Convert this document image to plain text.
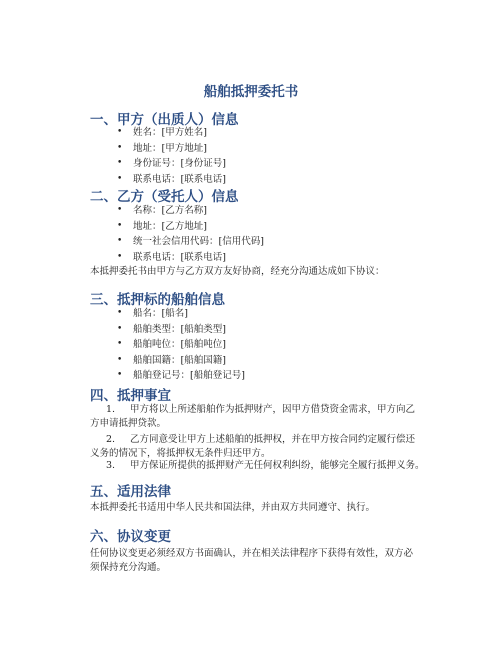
船舶抵押委托书
一、甲方（出质人）信息
• 姓名：[甲方姓名]
• 地址：[甲方地址]
• 身份证号：[身份证号]
• 联系电话：[联系电话]
二、乙方（受托人）信息
• 名称：[乙方名称]
• 地址：[乙方地址]
• 统一社会信用代码：[信用代码]
• 联系电话：[联系电话]

本抵押委托书由甲方与乙方双方友好协商，经充分沟通达成如下协议：

三、抵押标的船舶信息
• 船名：[船名]
• 船舶类型：[船舶类型]
• 船舶吨位：[船舶吨位]
• 船舶国籍：[船舶国籍]
• 船舶登记号：[船舶登记号]
四、抵押事宜
1. 甲方将以上所述船舶作为抵押财产，因甲方借贷资金需求，甲方向乙
方申请抵押贷款。
2. 乙方同意受让甲方上述船舶的抵押权，并在甲方按合同约定履行偿还
义务的情况下，将抵押权无条件归还甲方。
3. 甲方保证所提供的抵押财产无任何权利纠纷，能够完全履行抵押义务。
五、适用法律

本抵押委托书适用中华人民共和国法律，并由双方共同遵守、执行。

六、协议变更

任何协议变更必须经双方书面确认，并在相关法律程序下获得有效性，双方必

须保持充分沟通。
